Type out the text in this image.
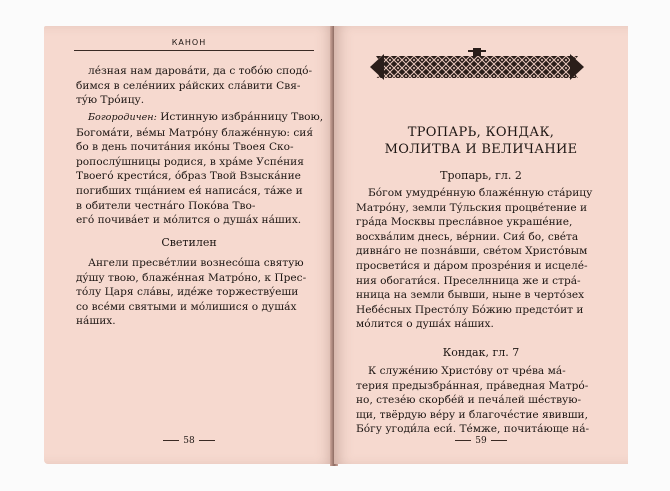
КАНОН
лéзная нам даровáти, да с тобóю сподó-
бимся в селéниих рáйских слáвити Свя-
тýю Трóицу.
Богородичен: Истинную избрáнницу Твою,
Богомáти, вéмы Матрóну блажéнную: сия́
бо в день почитáния икóны Твоея Ско-
ропослýшницы родися, в хрáме Успéния
Твоегó крести́ся, óбраз Твой Взыскáние
погибших тщáнием ея́ написáся, тáже и
в обители честнáго Покóва Тво-
егó почивáет и мóлится о душáх нáших.
Светилен
Ангели пресвéтлии вознесóша святую
дýшу твою, блажéнная Матрóно, к Прес-
тóлу Царя слáвы, идéже торжествýеши
со всéми святыми и мóлишися о душáх
нáших.
58
ТРОПАРЬ, КОНДАК,
МОЛИТВА И ВЕЛИЧАНИЕ
Тропарь, гл. 2
Бóгом умудрéнную блажéнную стáрицу
Матрóну, земли Тýльския процвéтение и
грáда Москвы преслáвное украшéние,
восхвáлим днесь, вéрнии. Сия́ бо, свéта
дивнáго не познáвши, свéтом Христóвым
просвети́ся и дáром прозрéния и исцелé-
ния обогати́ся. Преселнница же и стрá-
нница на земли бывши, ныне в чертóзех
Небéсных Престóлу Бóжию предстóит и
мóлится о душáх нáших.
Кондак, гл. 7
К служéнию Христóву от чрéва мá-
терия предызбрáнная, прáведная Матрó-
но, стезéю скорбéй и печáлей шéствую-
щи, твёрдую вéру и благочéстие явивши,
Бóгу угоди́ла еси́. Тéмже, почитáюще нá-
59
